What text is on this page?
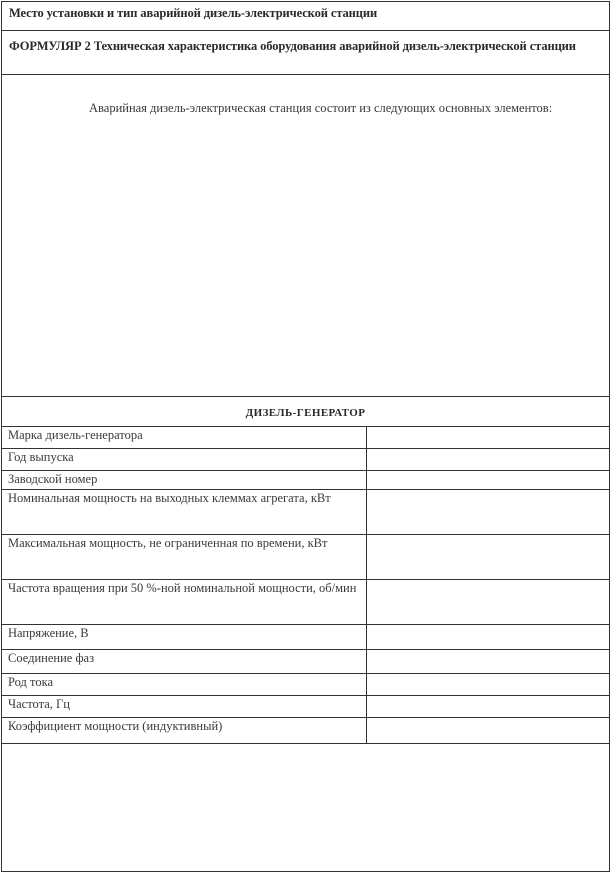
Место установки и тип аварийной дизель-электрической станции
ФОРМУЛЯР 2 Техническая характеристика оборудования аварийной дизель-электрической станции
Аварийная дизель-электрическая станция состоит из следующих основных элементов:
ДИЗЕЛЬ-ГЕНЕРАТОР
Марка дизель-генератора	
Год выпуска	
Заводской номер	
Номинальная мощность на выходных клеммах агрегата, кВт	
Максимальная мощность, не ограниченная по времени, кВт	
Частота вращения при 50 %-ной номинальной мощности, об/мин	
Напряжение, В	
Соединение фаз	
Род тока	
Частота, Гц	
Коэффициент мощности (индуктивный)	
